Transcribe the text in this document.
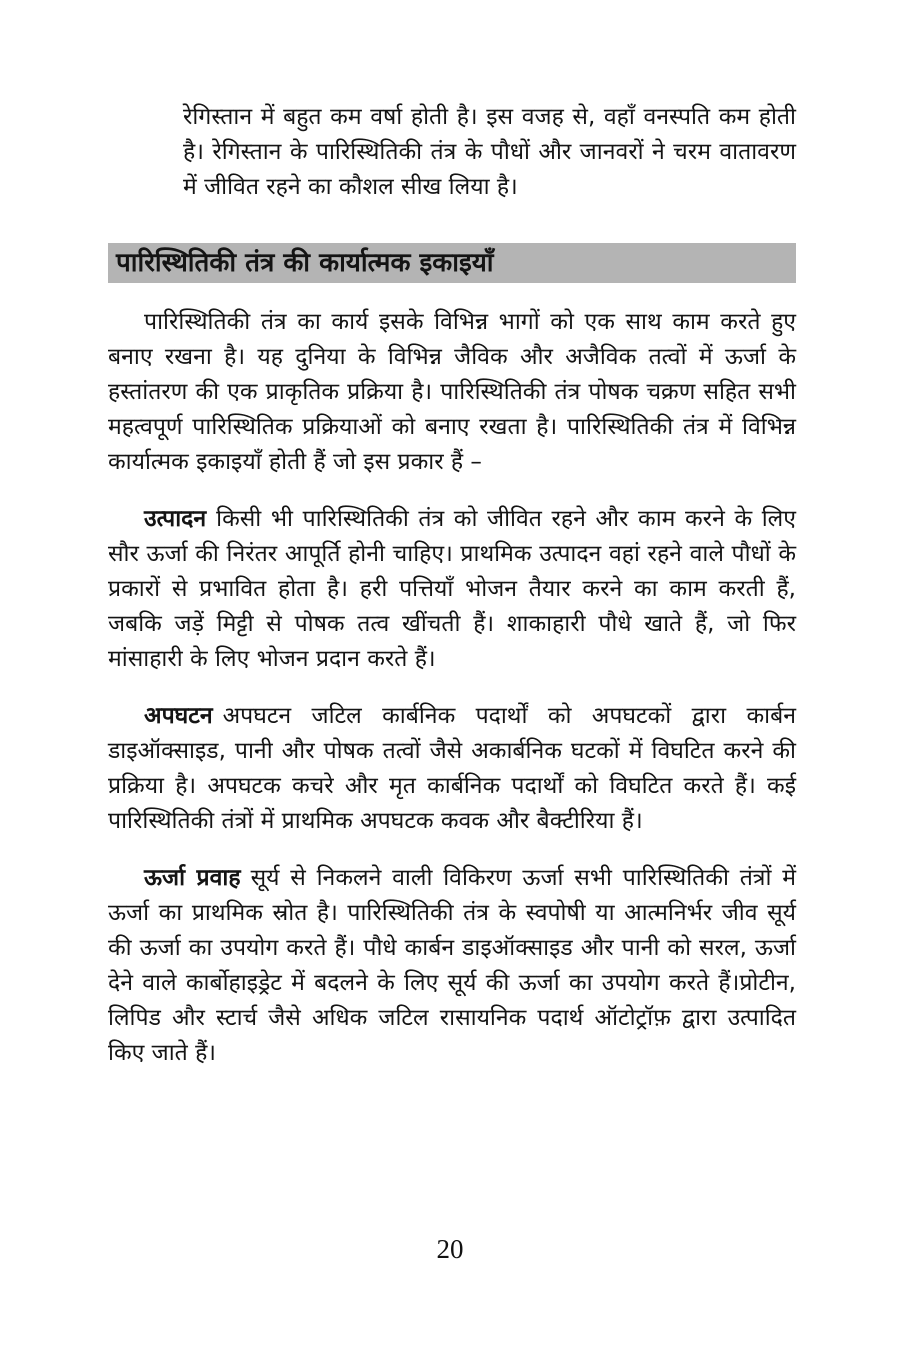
रेगिस्तान में बहुत कम वर्षा होती है। इस वजह से, वहाँ वनस्पति कम होती है। रेगिस्तान के पारिस्थितिकी तंत्र के पौधों और जानवरों ने चरम वातावरण में जीवित रहने का कौशल सीख लिया है।

पारिस्थितिकी तंत्र की कार्यात्मक इकाइयाँ

पारिस्थितिकी तंत्र का कार्य इसके विभिन्न भागों को एक साथ काम करते हुए बनाए रखना है। यह दुनिया के विभिन्न जैविक और अजैविक तत्वों में ऊर्जा के हस्तांतरण की एक प्राकृतिक प्रक्रिया है। पारिस्थितिकी तंत्र पोषक चक्रण सहित सभी महत्वपूर्ण पारिस्थितिक प्रक्रियाओं को बनाए रखता है। पारिस्थितिकी तंत्र में विभिन्न कार्यात्मक इकाइयाँ होती हैं जो इस प्रकार हैं –

उत्पादन किसी भी पारिस्थितिकी तंत्र को जीवित रहने और काम करने के लिए सौर ऊर्जा की निरंतर आपूर्ति होनी चाहिए। प्राथमिक उत्पादन वहां रहने वाले पौधों के प्रकारों से प्रभावित होता है। हरी पत्तियाँ भोजन तैयार करने का काम करती हैं, जबकि जड़ें मिट्टी से पोषक तत्व खींचती हैं। शाकाहारी पौधे खाते हैं, जो फिर मांसाहारी के लिए भोजन प्रदान करते हैं।

अपघटन अपघटन जटिल कार्बनिक पदार्थों को अपघटकों द्वारा कार्बन डाइऑक्साइड, पानी और पोषक तत्वों जैसे अकार्बनिक घटकों में विघटित करने की प्रक्रिया है। अपघटक कचरे और मृत कार्बनिक पदार्थों को विघटित करते हैं। कई पारिस्थितिकी तंत्रों में प्राथमिक अपघटक कवक और बैक्टीरिया हैं।

ऊर्जा प्रवाह सूर्य से निकलने वाली विकिरण ऊर्जा सभी पारिस्थितिकी तंत्रों में ऊर्जा का प्राथमिक स्रोत है। पारिस्थितिकी तंत्र के स्वपोषी या आत्मनिर्भर जीव सूर्य की ऊर्जा का उपयोग करते हैं। पौधे कार्बन डाइऑक्साइड और पानी को सरल, ऊर्जा देने वाले कार्बोहाइड्रेट में बदलने के लिए सूर्य की ऊर्जा का उपयोग करते हैं।प्रोटीन, लिपिड और स्टार्च जैसे अधिक जटिल रासायनिक पदार्थ ऑटोट्रॉफ़ द्वारा उत्पादित किए जाते हैं।

20
